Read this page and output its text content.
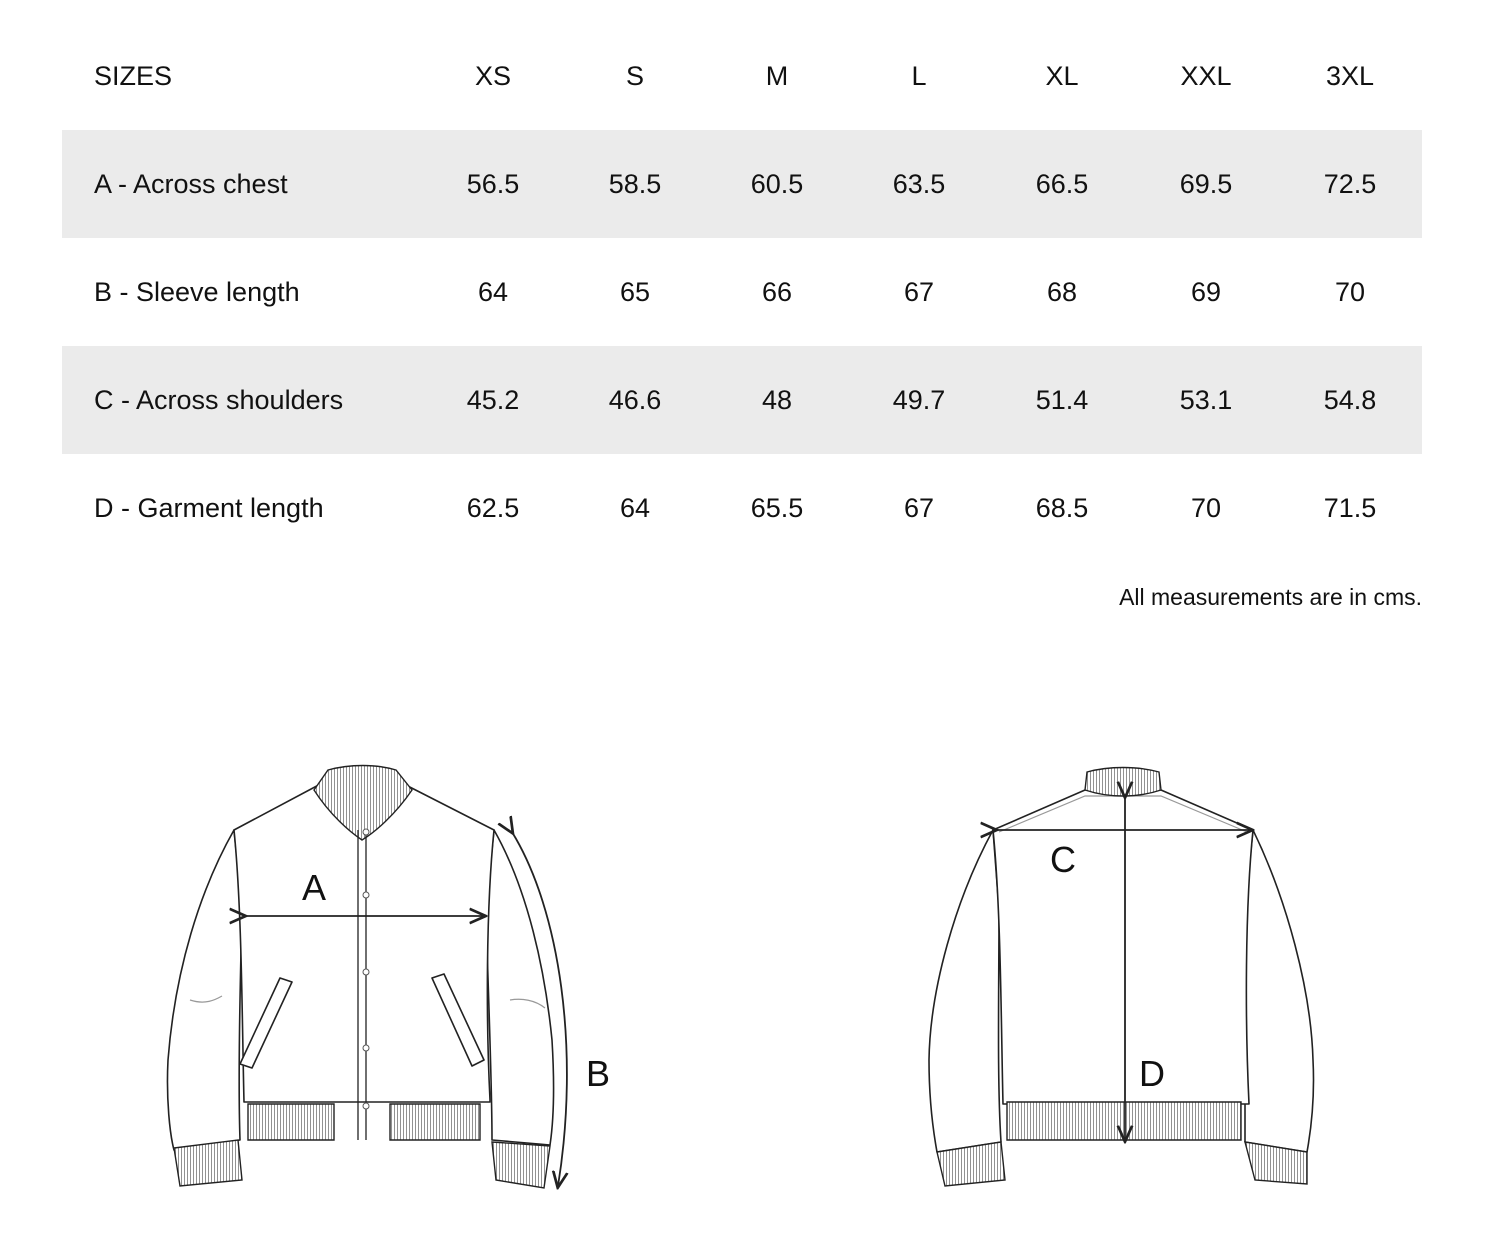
SIZES	XS	S	M	L	XL	XXL	3XL
A - Across chest	56.5	58.5	60.5	63.5	66.5	69.5	72.5
B - Sleeve length	64	65	66	67	68	69	70
C - Across shoulders	45.2	46.6	48	49.7	51.4	53.1	54.8
D - Garment length	62.5	64	65.5	67	68.5	70	71.5
All measurements are in cms.
A
B
C
D
